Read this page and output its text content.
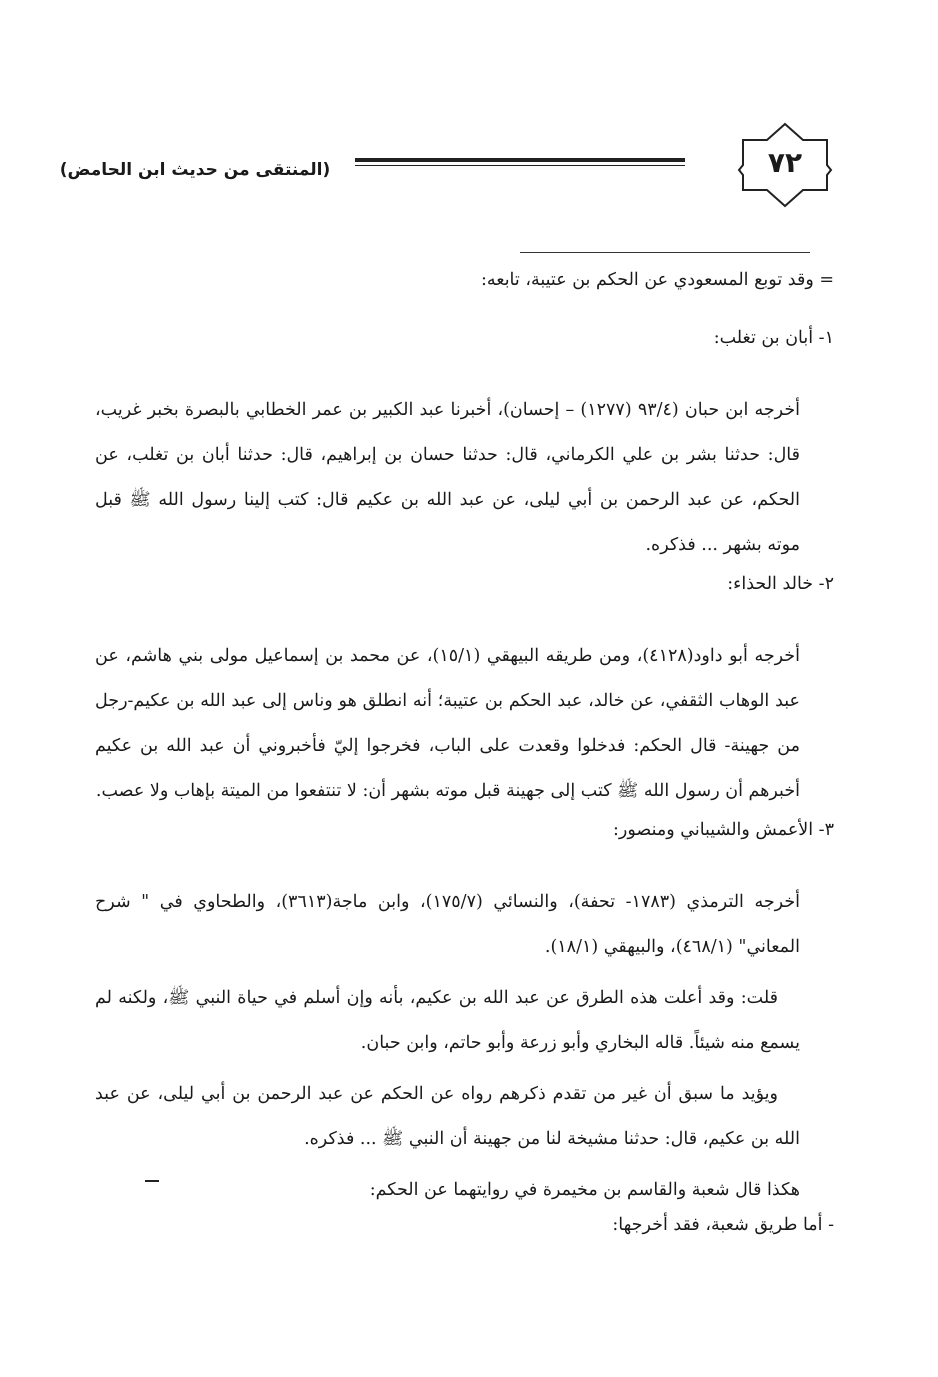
(المنتقى من حديث ابن الحامض)	٧٢
= وقد توبع المسعودي عن الحكم بن عتيبة، تابعه:
١- أبان بن تغلب:
أخرجه ابن حبان (٩٣/٤ (١٢٧٧) – إحسان)، أخبرنا عبد الكبير بن عمر الخطابي بالبصرة بخبر غريب، قال: حدثنا بشر بن علي الكرماني، قال: حدثنا حسان بن إبراهيم، قال: حدثنا أبان بن تغلب، عن الحكم، عن عبد الرحمن بن أبي ليلى، عن عبد الله بن عكيم قال: كتب إلينا رسول الله ﷺ قبل موته بشهر ... فذكره.
٢- خالد الحذاء:
أخرجه أبو داود(٤١٢٨)، ومن طريقه البيهقي (١٥/١)، عن محمد بن إسماعيل مولى بني هاشم، عن عبد الوهاب الثقفي، عن خالد، عبد الحكم بن عتيبة؛ أنه انطلق هو وناس إلى عبد الله بن عكيم-رجل من جهينة- قال الحكم: فدخلوا وقعدت على الباب، فخرجوا إليّ فأخبروني أن عبد الله بن عكيم أخبرهم أن رسول الله ﷺ كتب إلى جهينة قبل موته بشهر أن: لا تنتفعوا من الميتة بإهاب ولا عصب.
٣- الأعمش والشيباني ومنصور:
أخرجه الترمذي (١٧٨٣- تحفة)، والنسائي (١٧٥/٧)، وابن ماجة(٣٦١٣)، والطحاوي في " شرح المعاني" (٤٦٨/١)، والبيهقي (١٨/١).
قلت: وقد أعلت هذه الطرق عن عبد الله بن عكيم، بأنه وإن أسلم في حياة النبي ﷺ، ولكنه لم يسمع منه شيئاً. قاله البخاري وأبو زرعة وأبو حاتم، وابن حبان.
ويؤيد ما سبق أن غير من تقدم ذكرهم رواه عن الحكم عن عبد الرحمن بن أبي ليلى، عن عبد الله بن عكيم، قال: حدثنا مشيخة لنا من جهينة أن النبي ﷺ ... فذكره.
هكذا قال شعبة والقاسم بن مخيمرة في روايتهما عن الحكم:
- أما طريق شعبة، فقد أخرجها:
